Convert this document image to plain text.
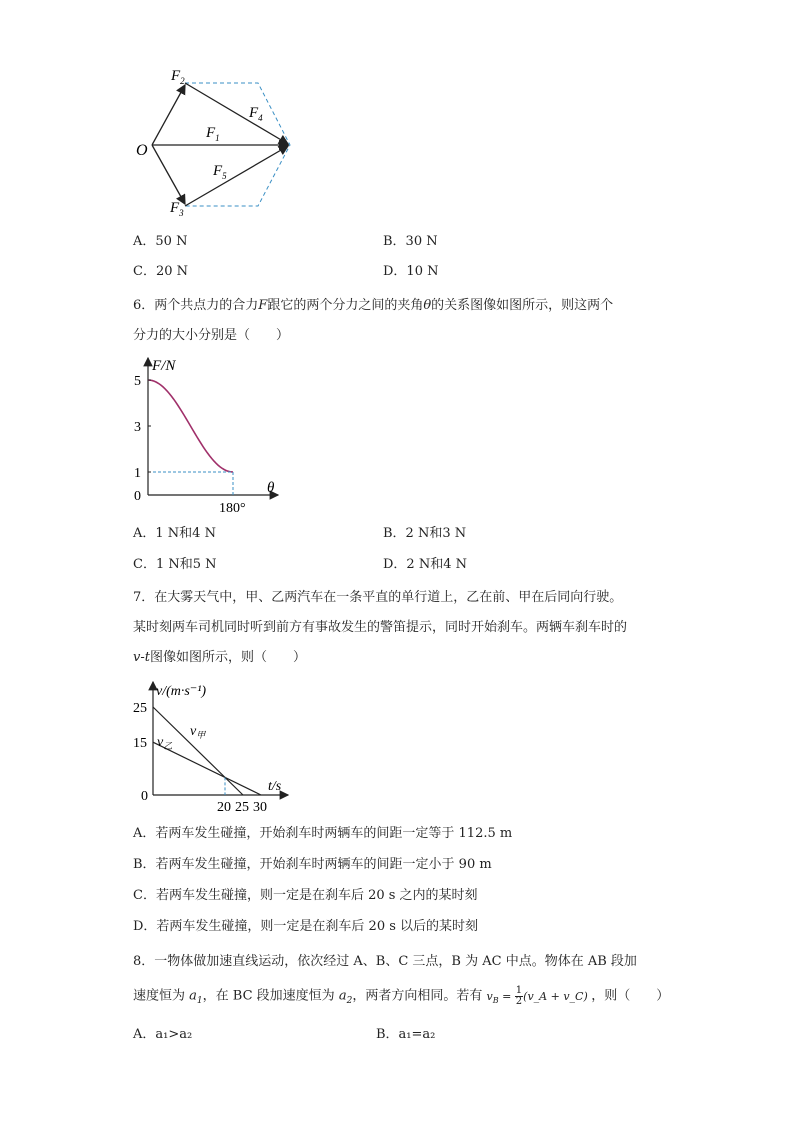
O
$F_2$
$F_3$
$F_1$
$F_4$
$F_5$
A．50 N	B．30 N
C．20 N	D．10 N
6．两个共点力的合力F跟它的两个分力之间的夹角θ的关系图像如图所示，则这两个
分力的大小分别是（　　）
5
3
1
0
180°
F/N
θ
A．1 N和4 N	B．2 N和3 N
C．1 N和5 N	D．2 N和4 N
7．在大雾天气中，甲、乙两汽车在一条平直的单行道上，乙在前、甲在后同向行驶。
某时刻两车司机同时听到前方有事故发生的警笛提示，同时开始刹车。两辆车刹车时的
v-t图像如图所示，则（　　）
25
15
0
20 25 30
v/(m·s⁻¹)
t/s
$v_甲$
$v_乙$
A．若两车发生碰撞，开始刹车时两辆车的间距一定等于 112.5 m
B．若两车发生碰撞，开始刹车时两辆车的间距一定小于 90 m
C．若两车发生碰撞，则一定是在刹车后 20 s 之内的某时刻
D．若两车发生碰撞，则一定是在刹车后 20 s 以后的某时刻
8．一物体做加速直线运动，依次经过 A、B、C 三点，B 为 AC 中点。物体在 AB 段加
速度恒为 $a_1$，在 BC 段加速度恒为 $a_2$，两者方向相同。若有 $v_B = \frac{1}{2}$ (v_A + v_C) ，则（　　）
A．a₁>a₂	B．a₁=a₂
